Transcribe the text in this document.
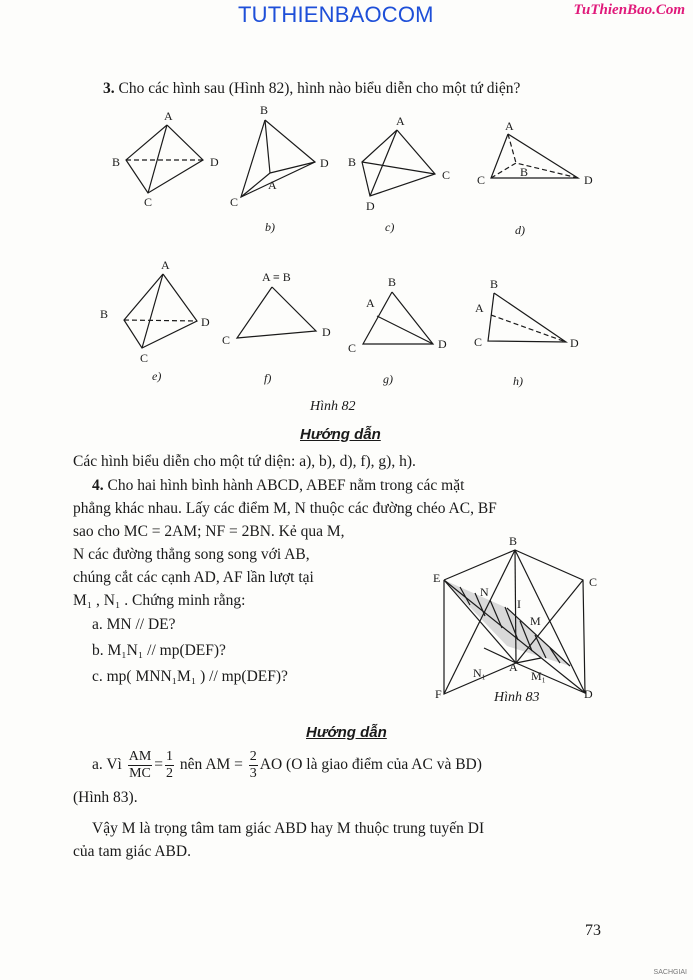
TUTHIENBAOCOM	TuThienBao.Com
3. Cho các hình sau (Hình 82), hình nào biểu diễn cho một tứ diện?
A
B
C
D
B
D
A
C
A
B
C
D
A
B
C	D
A
B
C
D
A ≡ B
C
D
B
A
C	D
B
A
C	D
b)	c)	d)
e)	f)	g)	h)
Hình 82
Hướng dẫn
Các hình biểu diễn cho một tứ diện: a), b), d), f), g), h).
4. Cho hai hình bình hành ABCD, ABEF nằm trong các mặt
phẳng khác nhau. Lấy các điểm M, N thuộc các đường chéo AC, BF
sao cho MC = 2AM; NF = 2BN. Kẻ qua M,
N các đường thẳng song song với AB,
chúng cắt các cạnh AD, AF lần lượt tại
M₁ , N₁ . Chứng minh rằng:
a. MN // DE?
b. M₁N₁ // mp(DEF)?
c. mp( MNN₁M₁ ) // mp(DEF)?
B
E	C
N
I
M
A
N₁	M₁
F	D
Hình 83
Hướng dẫn
a. Vì $\frac{AM}{MC} = \frac{1}{2}$ nên AM = $\frac{2}{3}$ AO (O là giao điểm của AC và BD)
(Hình 83).
Vậy M là trọng tâm tam giác ABD hay M thuộc trung tuyến DI
của tam giác ABD.
73
SACHGIAI
